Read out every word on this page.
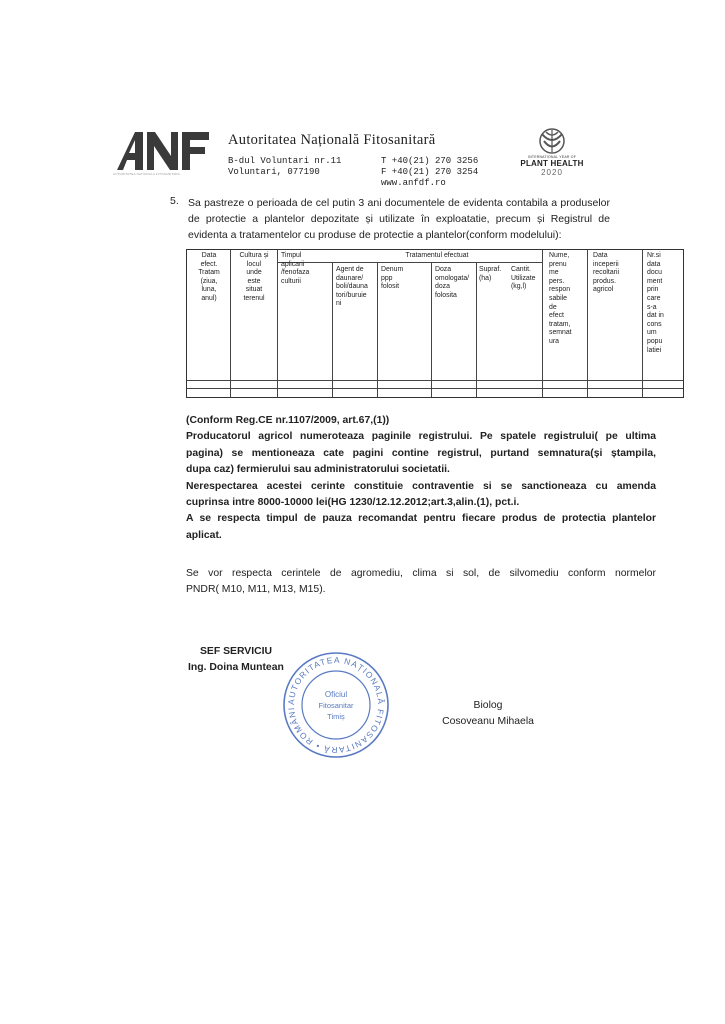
AUTORITATEA NATIONALA FITOSANITARA
Autoritatea Națională Fitosanitară
B-dul Voluntari nr.11
Voluntari, 077190
T +40(21) 270 3256
F +40(21) 270 3254
www.anfdf.ro
INTERNATIONAL YEAR OF
PLANT HEALTH
2020
5. Sa pastreze o perioada de cel putin 3 ani documentele de evidenta contabila a produselor
de protectie a plantelor depozitate și utilizate în exploatatie, precum și Registrul de
evidenta a tratamentelor cu produse de protectie a plantelor(conform modelului):
Data
efect.
Tratam
(ziua,
luna,
anul)
Cultura și
locul
unde
este
situat
terenul
Timpul
aplicarii
/fenofaza
culturii
Tratamentul efectuat
Agent de
daunare/
boli/dauna
tori/buruie
ni
Denum
ppp
folosit
Doza
omologata/
doza
folosita
Supraf.
(ha)
Cantit.
Utilizate
(kg,l)
Nume,
prenu
me
pers.
respon
sabile
de
efect
tratam,
semnat
ura
Data
inceperii
recoltarii
produs.
agricol
Nr.si
data
docu
ment
prin
care
s-a
dat in
cons
um
popu
latiei
(Conform Reg.CE nr.1107/2009, art.67,(1))
Producatorul agricol numeroteaza paginile registrului. Pe spatele registrului( pe ultima
pagina) se mentioneaza cate pagini contine registrul, purtand semnatura(și ștampila,
dupa caz) fermierului sau administratorului societatii.
Nerespectarea acestei cerinte constituie contraventie si se sanctioneaza cu amenda
cuprinsa intre 8000-10000 lei(HG 1230/12.12.2012;art.3,alin.(1), pct.i.
A se respecta timpul de pauza recomandat pentru fiecare produs de protectia plantelor
aplicat.
Se vor respecta cerintele de agromediu, clima si sol, de silvomediu conform normelor
PNDR( M10, M11, M13, M15).
SEF SERVICIU
Ing. Doina Muntean
AUTORITATEA NAȚIONALĂ FITOSANITARĂ • ROMÂNI
Oficiul
Fitosanitar
Timiș
Biolog
Cosoveanu Mihaela
